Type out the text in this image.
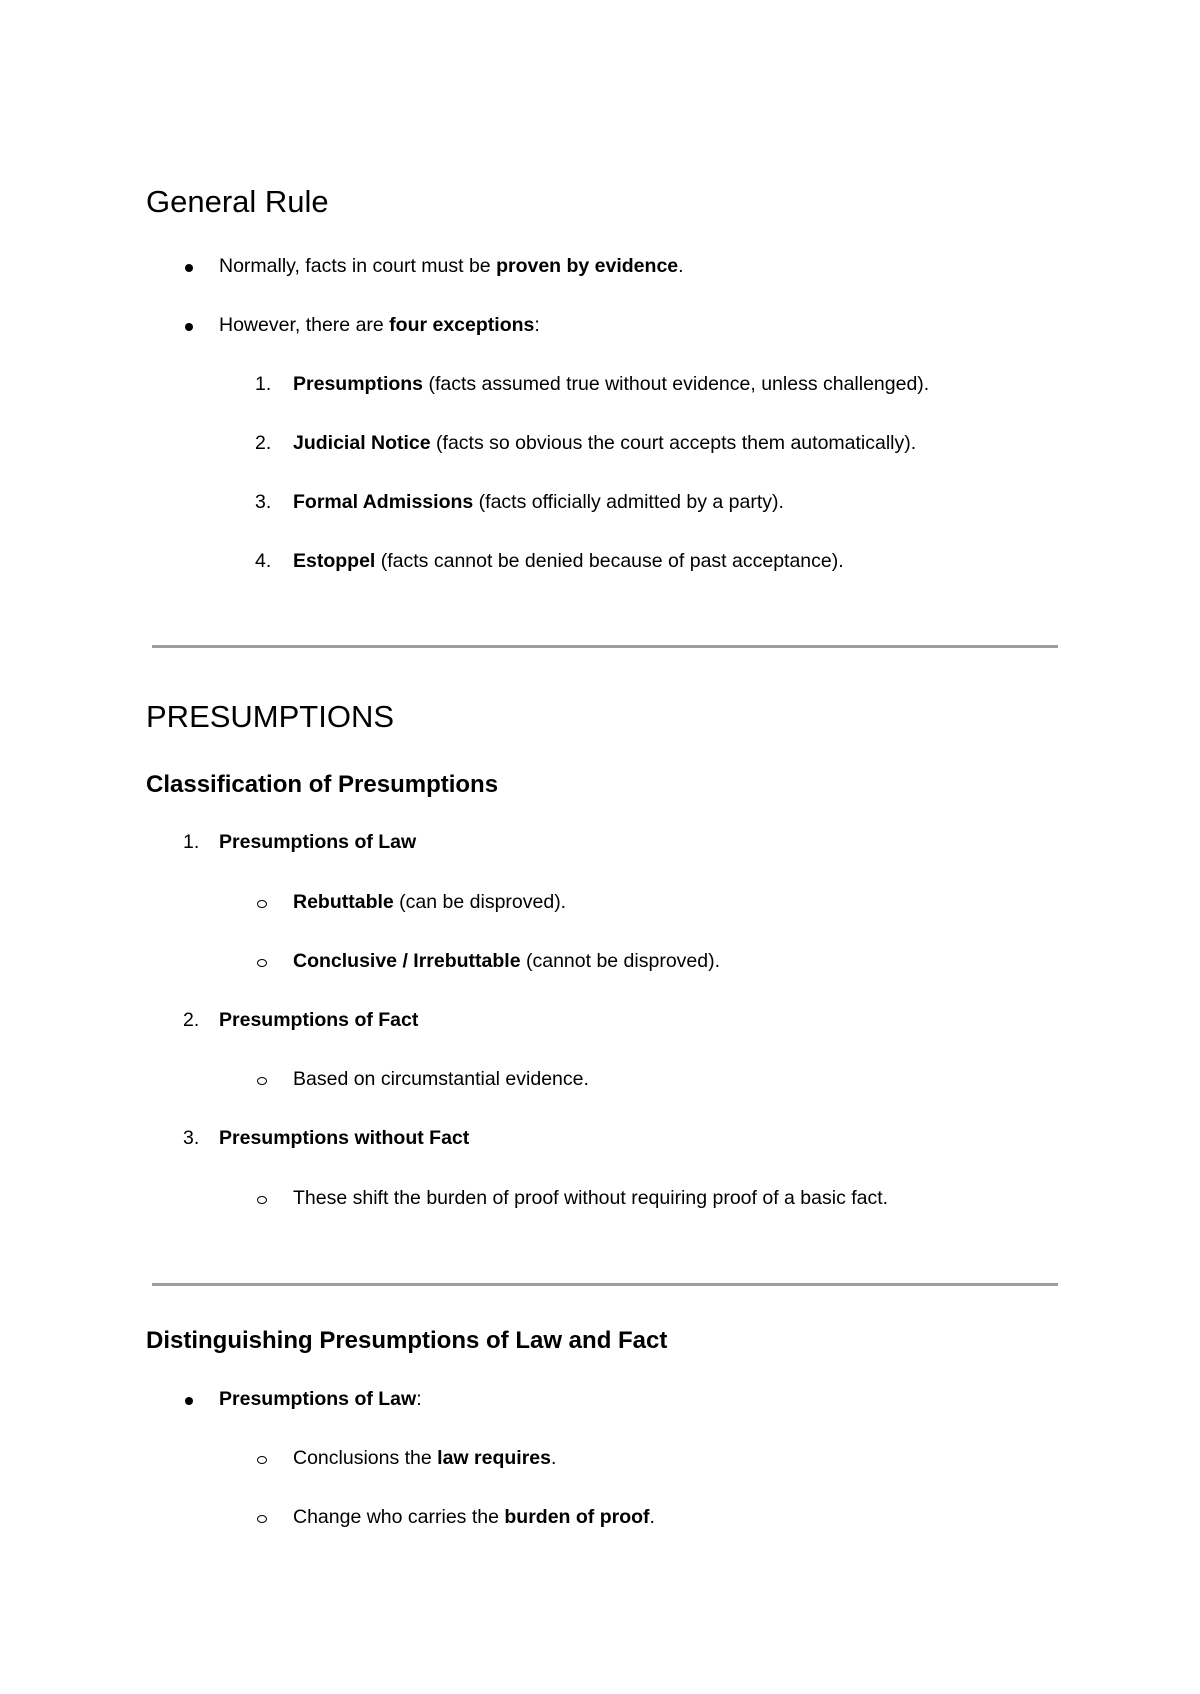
General Rule
Normally, facts in court must be proven by evidence.
However, there are four exceptions:
1. Presumptions (facts assumed true without evidence, unless challenged).
2. Judicial Notice (facts so obvious the court accepts them automatically).
3. Formal Admissions (facts officially admitted by a party).
4. Estoppel (facts cannot be denied because of past acceptance).
PRESUMPTIONS
Classification of Presumptions
1. Presumptions of Law
Rebuttable (can be disproved).
Conclusive / Irrebuttable (cannot be disproved).
2. Presumptions of Fact
Based on circumstantial evidence.
3. Presumptions without Fact
These shift the burden of proof without requiring proof of a basic fact.
Distinguishing Presumptions of Law and Fact
Presumptions of Law:
Conclusions the law requires.
Change who carries the burden of proof.
